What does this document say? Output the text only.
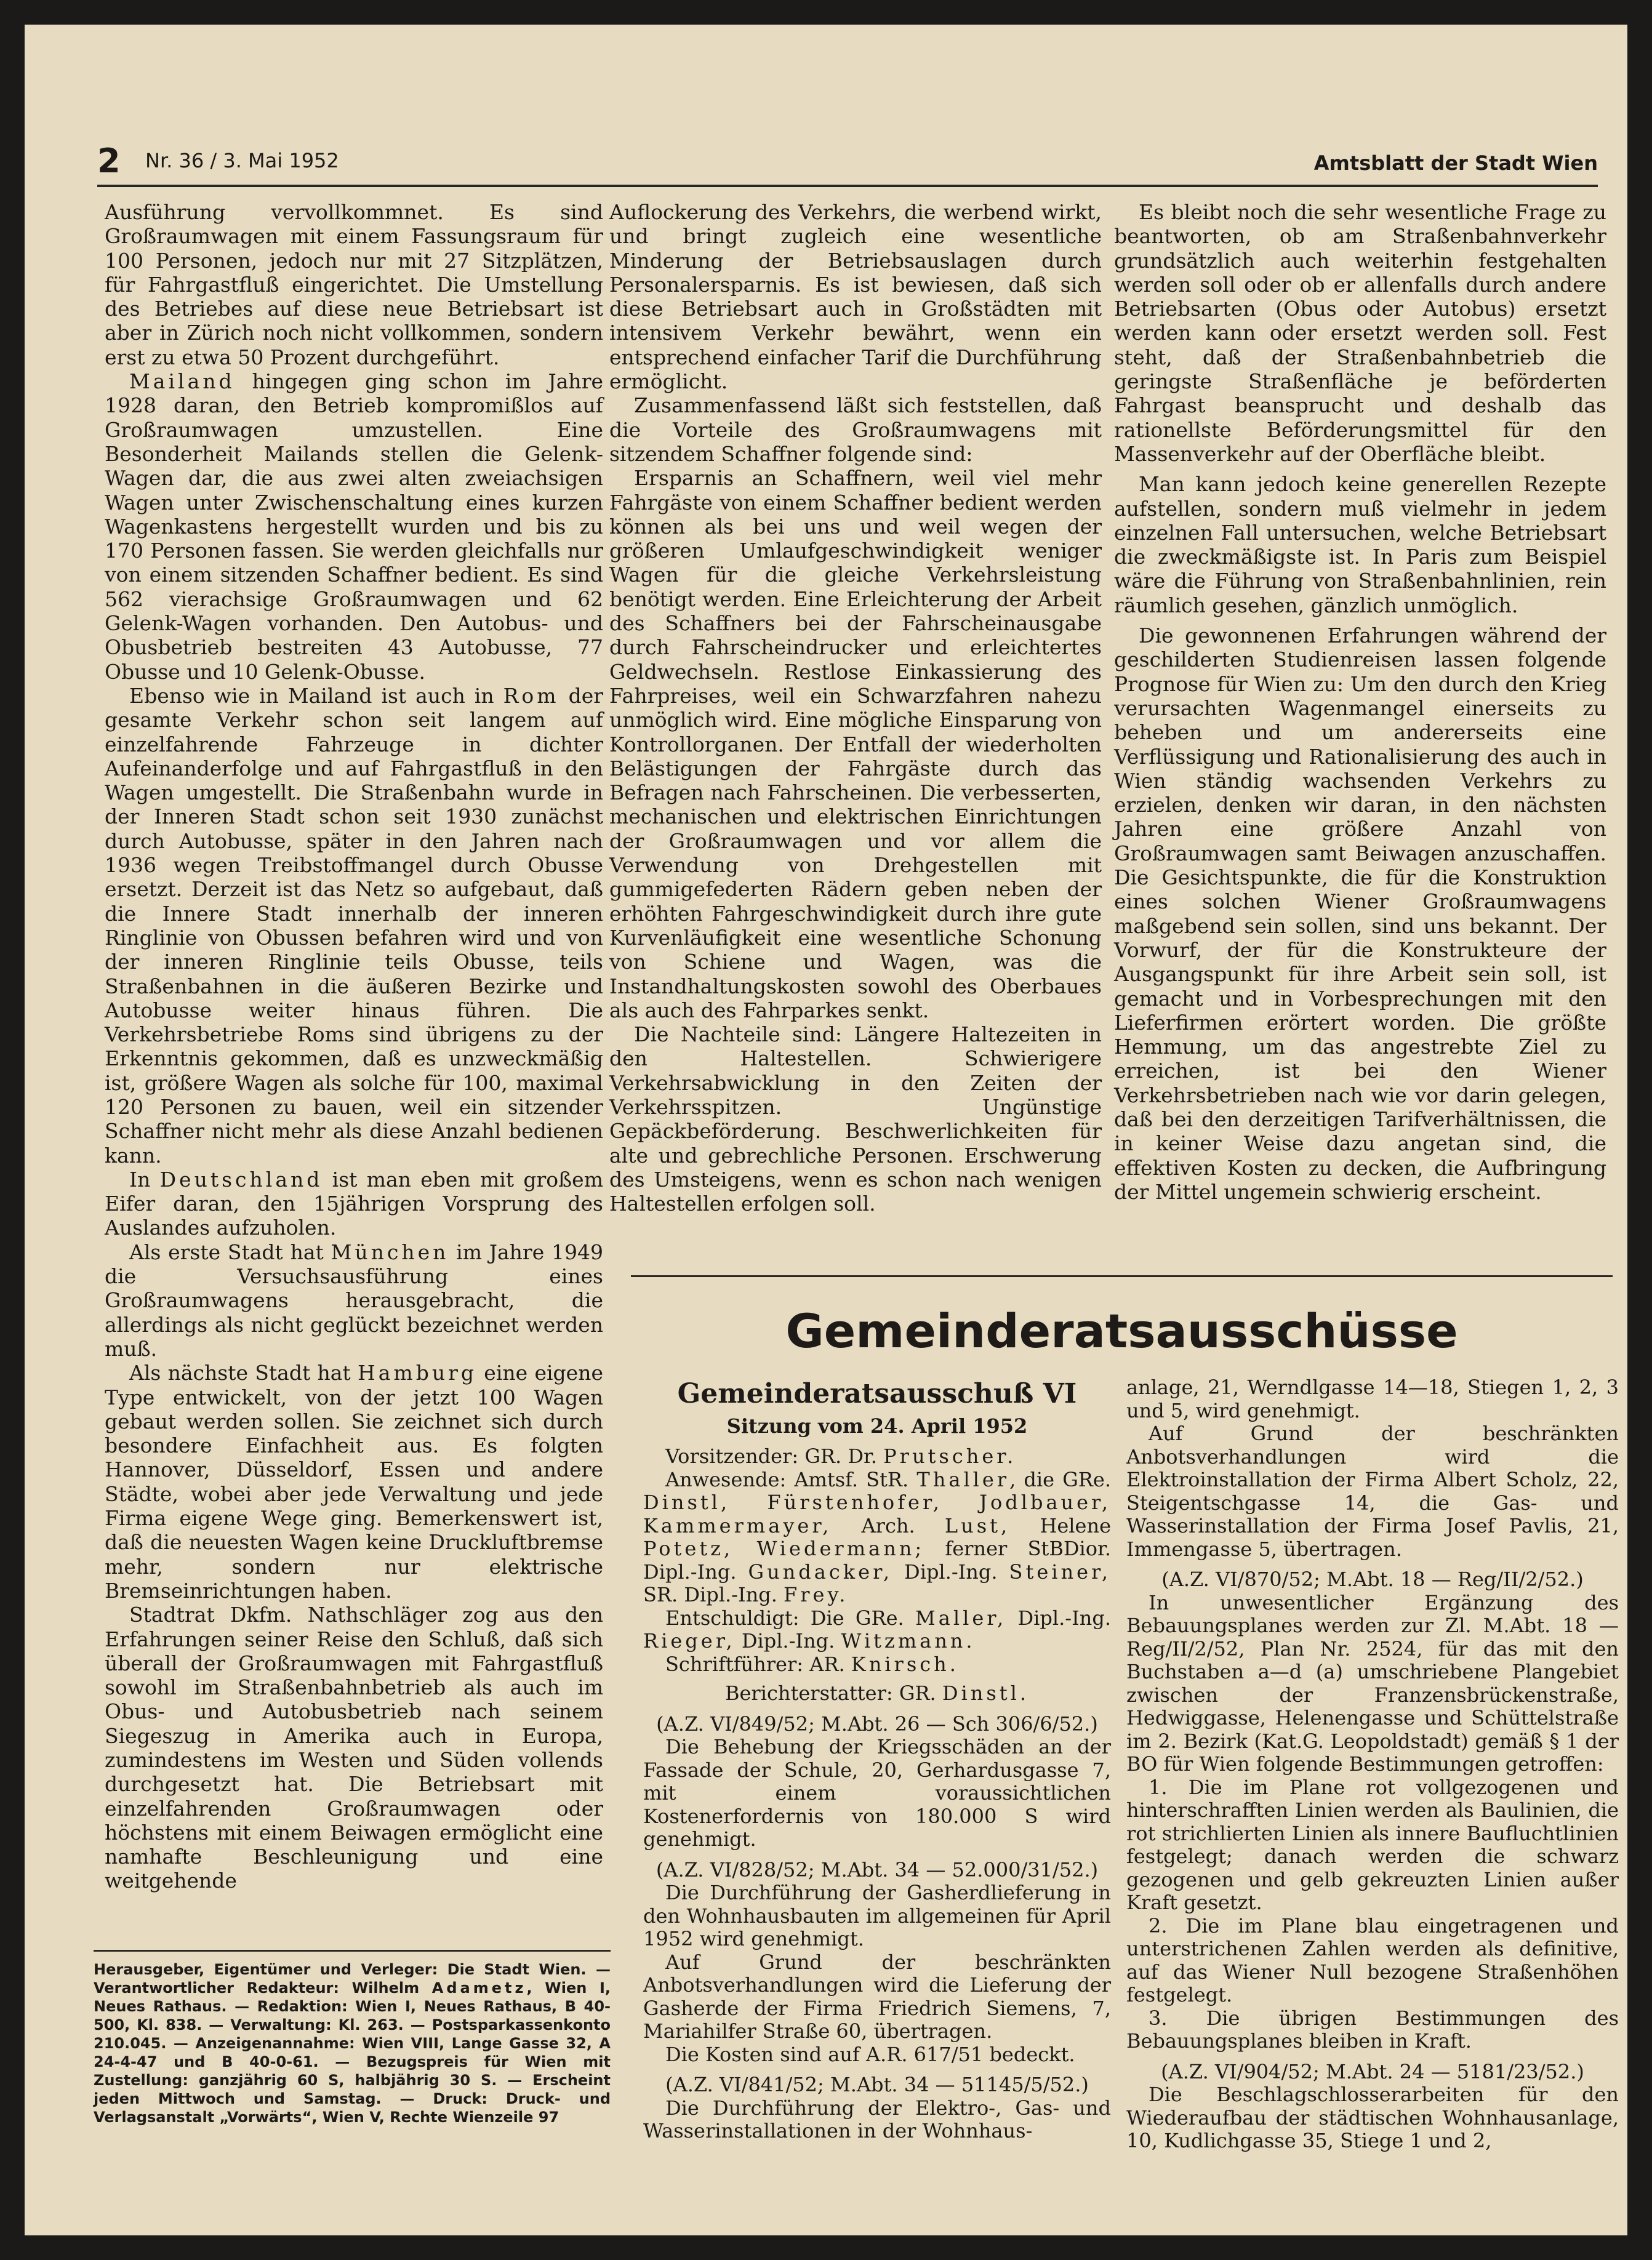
2 Nr. 36 / 3. Mai 1952	Amtsblatt der Stadt Wien

Ausführung vervollkommnet. Es sind Großraumwagen mit einem Fassungsraum für 100 Personen, jedoch nur mit 27 Sitzplätzen, für Fahrgastfluß eingerichtet. Die Umstellung des Betriebes auf diese neue Betriebsart ist aber in Zürich noch nicht vollkommen, sondern erst zu etwa 50 Prozent durchgeführt.

Mailand hingegen ging schon im Jahre 1928 daran, den Betrieb kompromißlos auf Großraumwagen umzustellen. Eine Besonderheit Mailands stellen die Gelenk-Wagen dar, die aus zwei alten zweiachsigen Wagen unter Zwischenschaltung eines kurzen Wagenkastens hergestellt wurden und bis zu 170 Personen fassen. Sie werden gleichfalls nur von einem sitzenden Schaffner bedient. Es sind 562 vierachsige Großraumwagen und 62 Gelenk-Wagen vorhanden. Den Autobus- und Obusbetrieb bestreiten 43 Autobusse, 77 Obusse und 10 Gelenk-Obusse.

Ebenso wie in Mailand ist auch in Rom der gesamte Verkehr schon seit langem auf einzelfahrende Fahrzeuge in dichter Aufeinanderfolge und auf Fahrgastfluß in den Wagen umgestellt. Die Straßenbahn wurde in der Inneren Stadt schon seit 1930 zunächst durch Autobusse, später in den Jahren nach 1936 wegen Treibstoffmangel durch Obusse ersetzt. Derzeit ist das Netz so aufgebaut, daß die Innere Stadt innerhalb der inneren Ringlinie von Obussen befahren wird und von der inneren Ringlinie teils Obusse, teils Straßenbahnen in die äußeren Bezirke und Autobusse weiter hinaus führen. Die Verkehrsbetriebe Roms sind übrigens zu der Erkenntnis gekommen, daß es unzweckmäßig ist, größere Wagen als solche für 100, maximal 120 Personen zu bauen, weil ein sitzender Schaffner nicht mehr als diese Anzahl bedienen kann.

In Deutschland ist man eben mit großem Eifer daran, den 15jährigen Vorsprung des Auslandes aufzuholen.

Als erste Stadt hat München im Jahre 1949 die Versuchsausführung eines Großraumwagens herausgebracht, die allerdings als nicht geglückt bezeichnet werden muß.

Als nächste Stadt hat Hamburg eine eigene Type entwickelt, von der jetzt 100 Wagen gebaut werden sollen. Sie zeichnet sich durch besondere Einfachheit aus. Es folgten Hannover, Düsseldorf, Essen und andere Städte, wobei aber jede Verwaltung und jede Firma eigene Wege ging. Bemerkenswert ist, daß die neuesten Wagen keine Druckluftbremse mehr, sondern nur elektrische Bremseinrichtungen haben.

Stadtrat Dkfm. Nathschläger zog aus den Erfahrungen seiner Reise den Schluß, daß sich überall der Großraumwagen mit Fahrgastfluß sowohl im Straßenbahnbetrieb als auch im Obus- und Autobusbetrieb nach seinem Siegeszug in Amerika auch in Europa, zumindestens im Westen und Süden vollends durchgesetzt hat. Die Betriebsart mit einzelfahrenden Großraumwagen oder höchstens mit einem Beiwagen ermöglicht eine namhafte Beschleunigung und eine weitgehende

Herausgeber, Eigentümer und Verleger: Die Stadt Wien. — Verantwortlicher Redakteur: Wilhelm Adametz, Wien I, Neues Rathaus. — Redaktion: Wien I, Neues Rathaus, B 40-500, Kl. 838. — Verwaltung: Kl. 263. — Postsparkassenkonto 210.045. — Anzeigenannahme: Wien VIII, Lange Gasse 32, A 24-4-47 und B 40-0-61. — Bezugspreis für Wien mit Zustellung: ganzjährig 60 S, halbjährig 30 S. — Erscheint jeden Mittwoch und Samstag. — Druck: Druck- und Verlagsanstalt „Vorwärts“, Wien V, Rechte Wienzeile 97

Auflockerung des Verkehrs, die werbend wirkt, und bringt zugleich eine wesentliche Minderung der Betriebsauslagen durch Personalersparnis. Es ist bewiesen, daß sich diese Betriebsart auch in Großstädten mit intensivem Verkehr bewährt, wenn ein entsprechend einfacher Tarif die Durchführung ermöglicht.

Zusammenfassend läßt sich feststellen, daß die Vorteile des Großraumwagens mit sitzendem Schaffner folgende sind:

Ersparnis an Schaffnern, weil viel mehr Fahrgäste von einem Schaffner bedient werden können als bei uns und weil wegen der größeren Umlaufgeschwindigkeit weniger Wagen für die gleiche Verkehrsleistung benötigt werden. Eine Erleichterung der Arbeit des Schaffners bei der Fahrscheinausgabe durch Fahrscheindrucker und erleichtertes Geldwechseln. Restlose Einkassierung des Fahrpreises, weil ein Schwarzfahren nahezu unmöglich wird. Eine mögliche Einsparung von Kontrollorganen. Der Entfall der wiederholten Belästigungen der Fahrgäste durch das Befragen nach Fahrscheinen. Die verbesserten, mechanischen und elektrischen Einrichtungen der Großraumwagen und vor allem die Verwendung von Drehgestellen mit gummigefederten Rädern geben neben der erhöhten Fahrgeschwindigkeit durch ihre gute Kurvenläufigkeit eine wesentliche Schonung von Schiene und Wagen, was die Instandhaltungskosten sowohl des Oberbaues als auch des Fahrparkes senkt.

Die Nachteile sind: Längere Haltezeiten in den Haltestellen. Schwierigere Verkehrsabwicklung in den Zeiten der Verkehrsspitzen. Ungünstige Gepäckbeförderung. Beschwerlichkeiten für alte und gebrechliche Personen. Erschwerung des Umsteigens, wenn es schon nach wenigen Haltestellen erfolgen soll.

Es bleibt noch die sehr wesentliche Frage zu beantworten, ob am Straßenbahnverkehr grundsätzlich auch weiterhin festgehalten werden soll oder ob er allenfalls durch andere Betriebsarten (Obus oder Autobus) ersetzt werden kann oder ersetzt werden soll. Fest steht, daß der Straßenbahnbetrieb die geringste Straßenfläche je beförderten Fahrgast beansprucht und deshalb das rationellste Beförderungsmittel für den Massenverkehr auf der Oberfläche bleibt.

Man kann jedoch keine generellen Rezepte aufstellen, sondern muß vielmehr in jedem einzelnen Fall untersuchen, welche Betriebsart die zweckmäßigste ist. In Paris zum Beispiel wäre die Führung von Straßenbahnlinien, rein räumlich gesehen, gänzlich unmöglich.

Die gewonnenen Erfahrungen während der geschilderten Studienreisen lassen folgende Prognose für Wien zu: Um den durch den Krieg verursachten Wagenmangel einerseits zu beheben und um andererseits eine Verflüssigung und Rationalisierung des auch in Wien ständig wachsenden Verkehrs zu erzielen, denken wir daran, in den nächsten Jahren eine größere Anzahl von Großraumwagen samt Beiwagen anzuschaffen. Die Gesichtspunkte, die für die Konstruktion eines solchen Wiener Großraumwagens maßgebend sein sollen, sind uns bekannt. Der Vorwurf, der für die Konstrukteure der Ausgangspunkt für ihre Arbeit sein soll, ist gemacht und in Vorbesprechungen mit den Lieferfirmen erörtert worden. Die größte Hemmung, um das angestrebte Ziel zu erreichen, ist bei den Wiener Verkehrsbetrieben nach wie vor darin gelegen, daß bei den derzeitigen Tarifverhältnissen, die in keiner Weise dazu angetan sind, die effektiven Kosten zu decken, die Aufbringung der Mittel ungemein schwierig erscheint.

Gemeinderatsausschüsse

Gemeinderatsausschuß VI

Sitzung vom 24. April 1952

Vorsitzender: GR. Dr. Prutscher.

Anwesende: Amtsf. StR. Thaller, die GRe. Dinstl, Fürstenhofer, Jodlbauer, Kammermayer, Arch. Lust, Helene Potetz, Wiedermann; ferner StBDior. Dipl.-Ing. Gundacker, Dipl.-Ing. Steiner, SR. Dipl.-Ing. Frey.

Entschuldigt: Die GRe. Maller, Dipl.-Ing. Rieger, Dipl.-Ing. Witzmann.

Schriftführer: AR. Knirsch.

Berichterstatter: GR. Dinstl.

(A.Z. VI/849/52; M.Abt. 26 — Sch 306/6/52.)

Die Behebung der Kriegsschäden an der Fassade der Schule, 20, Gerhardusgasse 7, mit einem voraussichtlichen Kostenerfordernis von 180.000 S wird genehmigt.

(A.Z. VI/828/52; M.Abt. 34 — 52.000/31/52.)

Die Durchführung der Gasherdlieferung in den Wohnhausbauten im allgemeinen für April 1952 wird genehmigt.

Auf Grund der beschränkten Anbotsverhandlungen wird die Lieferung der Gasherde der Firma Friedrich Siemens, 7, Mariahilfer Straße 60, übertragen.

Die Kosten sind auf A.R. 617/51 bedeckt.

(A.Z. VI/841/52; M.Abt. 34 — 51145/5/52.)

Die Durchführung der Elektro-, Gas- und Wasserinstallationen in der Wohnhaus-

anlage, 21, Werndlgasse 14—18, Stiegen 1, 2, 3 und 5, wird genehmigt.

Auf Grund der beschränkten Anbotsverhandlungen wird die Elektroinstallation der Firma Albert Scholz, 22, Steigentschgasse 14, die Gas- und Wasserinstallation der Firma Josef Pavlis, 21, Immengasse 5, übertragen.

(A.Z. VI/870/52; M.Abt. 18 — Reg/II/2/52.)

In unwesentlicher Ergänzung des Bebauungsplanes werden zur Zl. M.Abt. 18 — Reg/II/2/52, Plan Nr. 2524, für das mit den Buchstaben a—d (a) umschriebene Plangebiet zwischen der Franzensbrückenstraße, Hedwiggasse, Helenengasse und Schüttelstraße im 2. Bezirk (Kat.G. Leopoldstadt) gemäß § 1 der BO für Wien folgende Bestimmungen getroffen:

1. Die im Plane rot vollgezogenen und hinterschrafften Linien werden als Baulinien, die rot strichlierten Linien als innere Baufluchtlinien festgelegt; danach werden die schwarz gezogenen und gelb gekreuzten Linien außer Kraft gesetzt.

2. Die im Plane blau eingetragenen und unterstrichenen Zahlen werden als definitive, auf das Wiener Null bezogene Straßenhöhen festgelegt.

3. Die übrigen Bestimmungen des Bebauungsplanes bleiben in Kraft.

(A.Z. VI/904/52; M.Abt. 24 — 5181/23/52.)

Die Beschlagschlosserarbeiten für den Wiederaufbau der städtischen Wohnhausanlage, 10, Kudlichgasse 35, Stiege 1 und 2,
